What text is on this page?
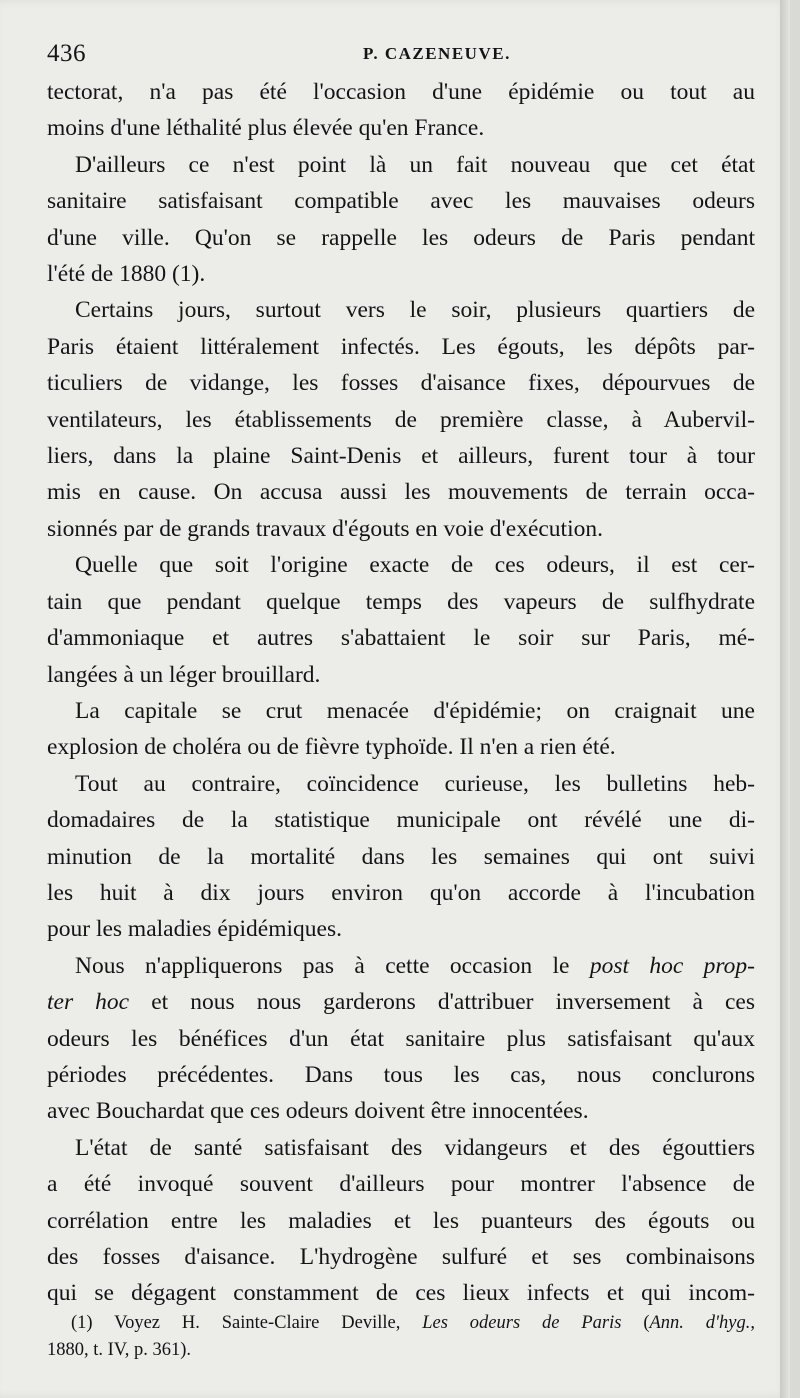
436	P. CAZENEUVE.
tectorat, n'a pas été l'occasion d'une épidémie ou tout au
moins d'une léthalité plus élevée qu'en France.
D'ailleurs ce n'est point là un fait nouveau que cet état
sanitaire satisfaisant compatible avec les mauvaises odeurs
d'une ville. Qu'on se rappelle les odeurs de Paris pendant
l'été de 1880 (1).
Certains jours, surtout vers le soir, plusieurs quartiers de
Paris étaient littéralement infectés. Les égouts, les dépôts par-
ticuliers de vidange, les fosses d'aisance fixes, dépourvues de
ventilateurs, les établissements de première classe, à Aubervil-
liers, dans la plaine Saint-Denis et ailleurs, furent tour à tour
mis en cause. On accusa aussi les mouvements de terrain occa-
sionnés par de grands travaux d'égouts en voie d'exécution.
Quelle que soit l'origine exacte de ces odeurs, il est cer-
tain que pendant quelque temps des vapeurs de sulfhydrate
d'ammoniaque et autres s'abattaient le soir sur Paris, mé-
langées à un léger brouillard.
La capitale se crut menacée d'épidémie; on craignait une
explosion de choléra ou de fièvre typhoïde. Il n'en a rien été.
Tout au contraire, coïncidence curieuse, les bulletins heb-
domadaires de la statistique municipale ont révélé une di-
minution de la mortalité dans les semaines qui ont suivi
les huit à dix jours environ qu'on accorde à l'incubation
pour les maladies épidémiques.
Nous n'appliquerons pas à cette occasion le post hoc prop-
ter hoc et nous nous garderons d'attribuer inversement à ces
odeurs les bénéfices d'un état sanitaire plus satisfaisant qu'aux
périodes précédentes. Dans tous les cas, nous conclurons
avec Bouchardat que ces odeurs doivent être innocentées.
L'état de santé satisfaisant des vidangeurs et des égouttiers
a été invoqué souvent d'ailleurs pour montrer l'absence de
corrélation entre les maladies et les puanteurs des égouts ou
des fosses d'aisance. L'hydrogène sulfuré et ses combinaisons
qui se dégagent constamment de ces lieux infects et qui incom-
(1) Voyez H. Sainte-Claire Deville, Les odeurs de Paris (Ann. d'hyg.,
1880, t. IV, p. 361).
